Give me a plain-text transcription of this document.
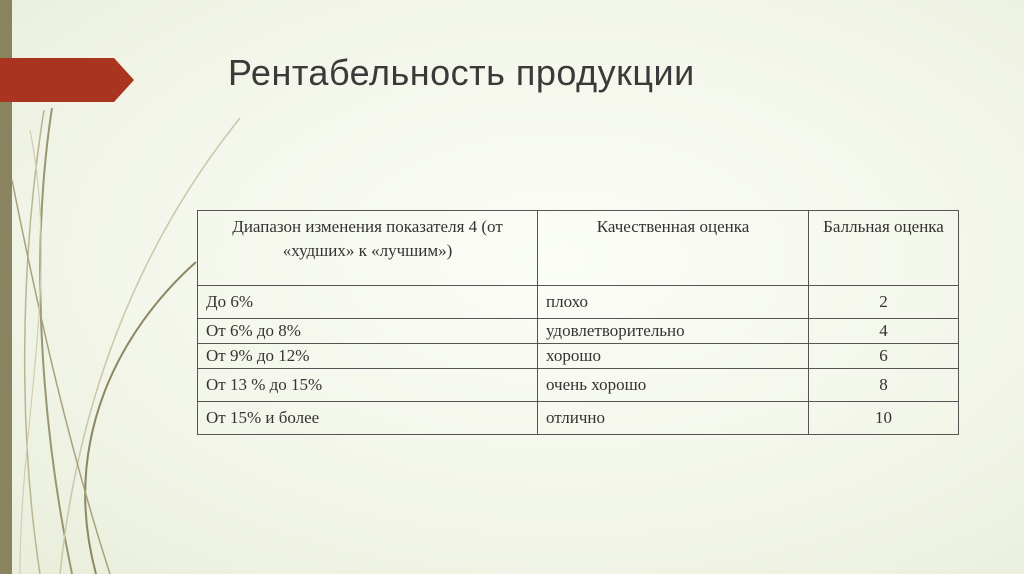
Рентабельность продукции
Диапазон изменения показателя 4 (от «худших» к «лучшим»)	Качественная оценка	Балльная оценка
До 6%	плохо	2
От 6% до 8%	удовлетворительно	4
От 9% до 12%	хорошо	6
От 13 % до 15%	очень хорошо	8
От 15% и более	отлично	10
